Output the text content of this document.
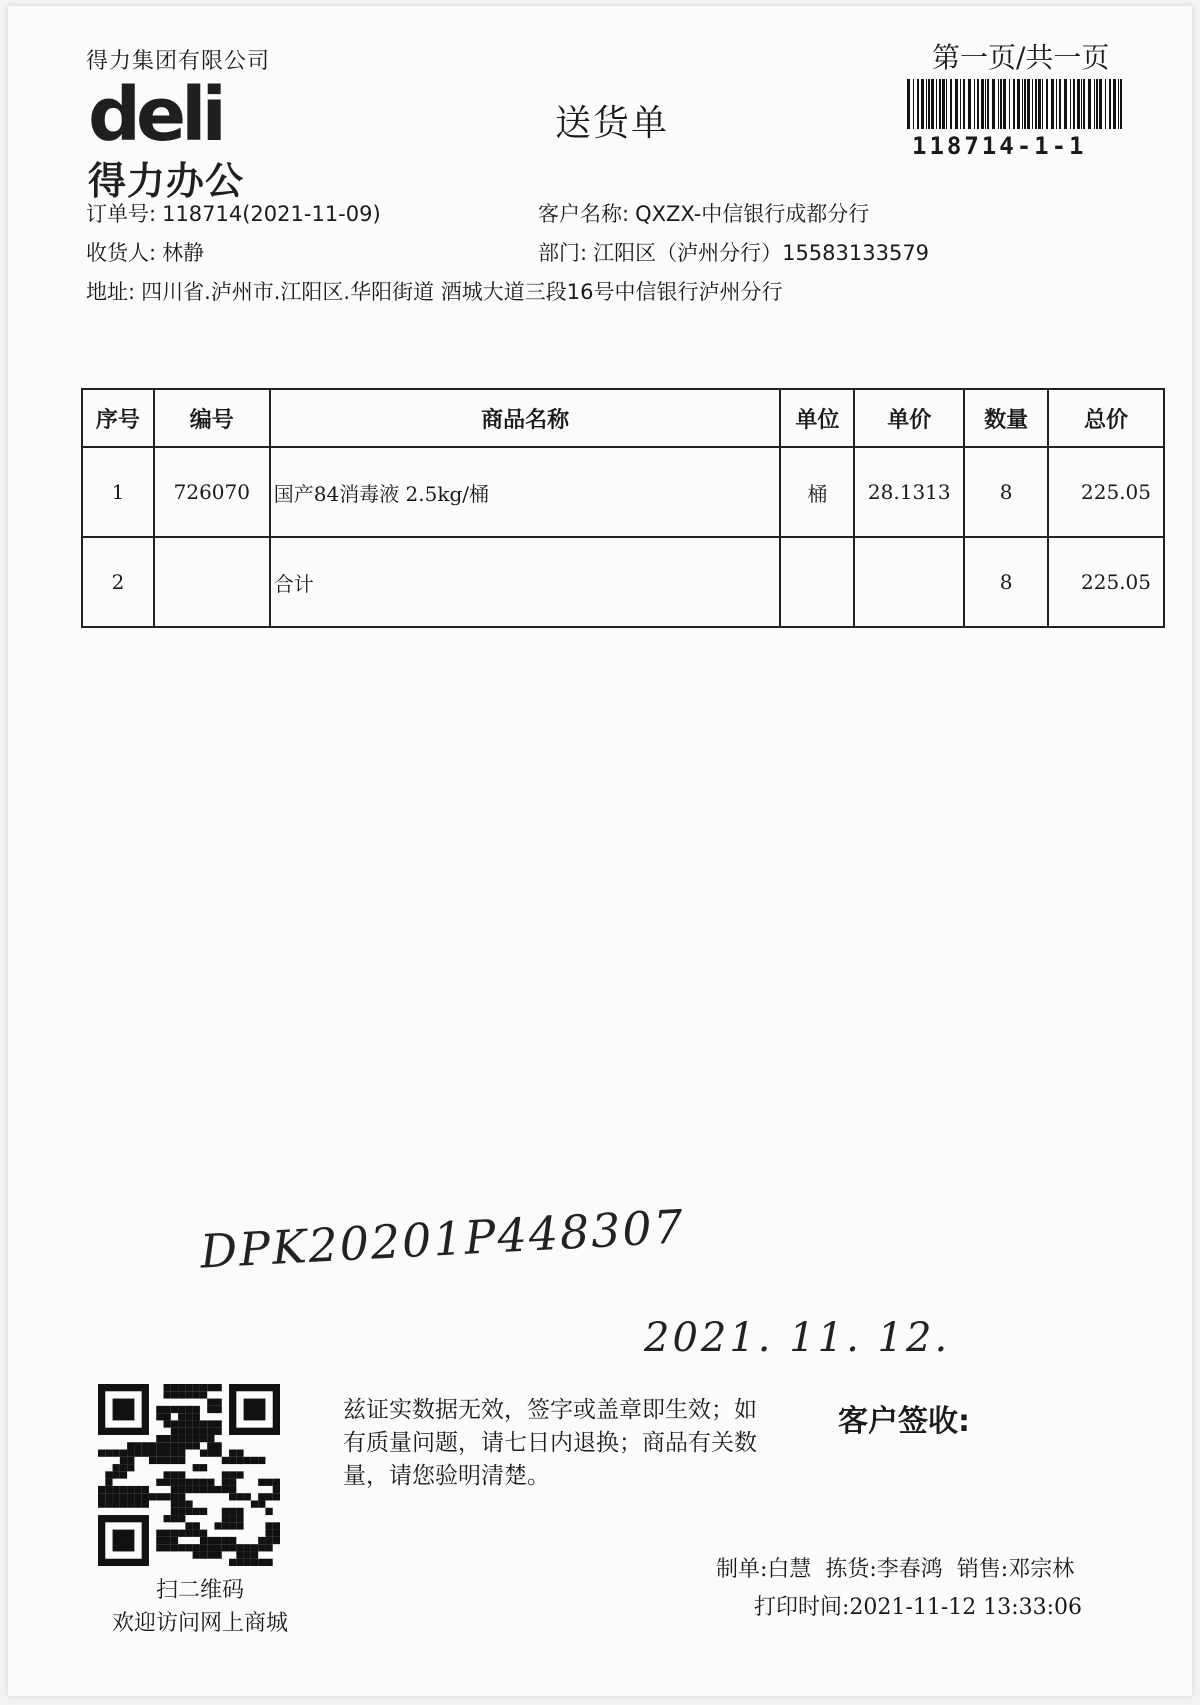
得力集团有限公司
deli
得力办公
送货单
第一页/共一页
118714-1-1
订单号: 118714(2021-11-09)	客户名称: QXZX-中信银行成都分行
收货人: 林静	部门: 江阳区（泸州分行）15583133579
地址: 四川省.泸州市.江阳区.华阳街道 酒城大道三段16号中信银行泸州分行
序号	编号	商品名称	单位	单价	数量	总价
1	726070	国产84消毒液 2.5kg/桶	桶	28.1313	8	225.05
2		合计			8	225.05
DPK20201P448307
2021. 11. 12.
扫二维码
欢迎访问网上商城
兹证实数据无效，签字或盖章即生效；如有质量问题，请七日内退换；商品有关数量，请您验明清楚。
客户签收:
制单:白慧  拣货:李春鸿  销售:邓宗林
打印时间:2021-11-12 13:33:06
